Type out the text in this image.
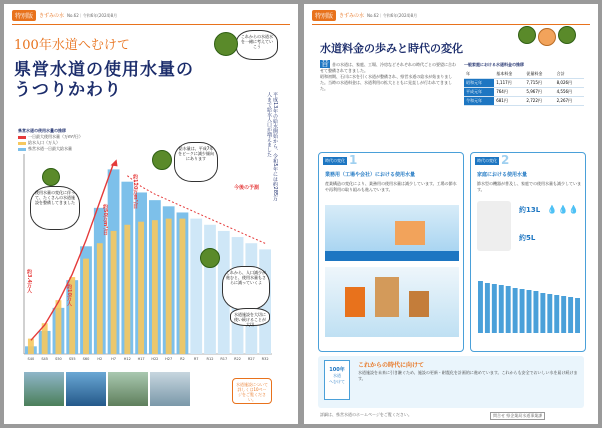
特別版	きずみの水 No.62｜令和6年(2024)8月
100年水道へむけて
県営水道の使用水量の
うつりかわり
これからの水道水を一緒に考えていこう
平成13年の給水開始から、令和5年には約285万人まで給水人口が増えました
県営水道の使用水量の推移
一日最大使用水量（万m³/日）
給水人口（万人）
県営水道一日最大給水量
S40 S45 S50 S55 S60 H2	H7 H12 H17 H22 H27 R2	R7 R12 R17 R22 R27 R32
使用水量の変化に伴って、たくさんの水道施設を整備してきました
給水量は、平成7年をピークに減少傾向にあります
これから、人口減少が進むと、使用水量もさらに減っていくよ
水道施設を大切に使い続けることが大切
約3.4万人
約10万人
約50万m³/日
約120万m³/日	今後の予測
水道施設について詳しくは10ページをご覧ください。
特別版	きずみの水 No.62｜令和6年(2024)8月
水道料金の歩みと時代の変化
昔 昔の水道は、家庭、工場、冷房などそれぞれの時代ごとの要望に合わせて整備されてきました。
昭和初期、石川に水を引く水道が整備され、県営水道の給水が始まりました。当時の水道料金は、水道利用の拡大とともに見直しが行われてきました。
一般家庭における水道料金の推移
年	基本料金	従量料金	合計
昭和元年	1,117円	7,715円	8,026円
平成元年	764円	5,967円	4,556円
令和元年	681円	2,722円	2,267円
時代の変化 1
業務用（工場や会社）における使用水量
産業構造の変化により、業務用の使用水量は減少しています。工場の節水や再利用の取り組みも進んでいます。
時代の変化 2
家庭における使用水量
節水型の機器が普及し、家庭での使用水量も減少しています。
約13L
約5L
💧💧💧
100年
水道
へむけて
これからの時代に向けて
水道施設を未来に引き継ぐため、施設の更新・耐震化を計画的に進めています。これからも安全でおいしい水を届け続けます。
詳細は、県営水道のホームページをご覧ください。	問合せ 県企業局水道事業課
